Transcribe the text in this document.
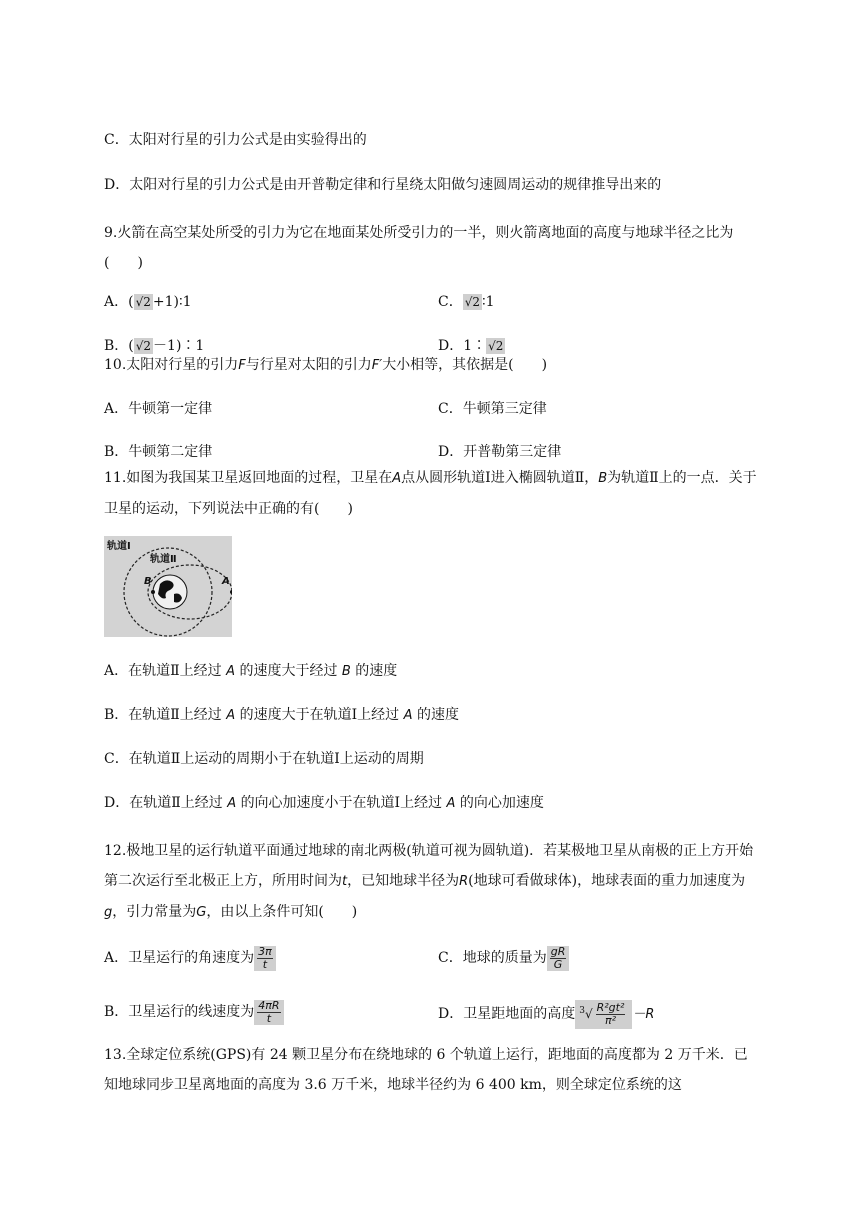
C．太阳对行星的引力公式是由实验得出的
D．太阳对行星的引力公式是由开普勒定律和行星绕太阳做匀速圆周运动的规律推导出来的
9.火箭在高空某处所受的引力为它在地面某处所受引力的一半，则火箭离地面的高度与地球半径之比为(　　)
A．( √2 +1)∶1	C． √2 ∶1
B．( √2 －1)∶1	D．1∶ √2
10.太阳对行星的引力F与行星对太阳的引力F′大小相等，其依据是(　　)
A．牛顿第一定律	C．牛顿第三定律
B．牛顿第二定律	D．开普勒第三定律
11.如图为我国某卫星返回地面的过程，卫星在A点从圆形轨道Ⅰ进入椭圆轨道Ⅱ，B为轨道Ⅱ上的一点．关于卫星的运动，下列说法中正确的有(　　)
轨道Ⅰ
轨道Ⅱ
B	A
A．在轨道Ⅱ上经过 A 的速度大于经过 B 的速度
B．在轨道Ⅱ上经过 A 的速度大于在轨道Ⅰ上经过 A 的速度
C．在轨道Ⅱ上运动的周期小于在轨道Ⅰ上运动的周期
D．在轨道Ⅱ上经过 A 的向心加速度小于在轨道Ⅰ上经过 A 的向心加速度
12.极地卫星的运行轨道平面通过地球的南北两极(轨道可视为圆轨道)．若某极地卫星从南极的正上方开始第二次运行至北极正上方，所用时间为t，已知地球半径为R(地球可看做球体)，地球表面的重力加速度为g，引力常量为G，由以上条件可知(　　)
A．卫星运行的角速度为 $\frac{3\pi}{t}$	C．地球的质量为 $\frac{gR}{G}$
B．卫星运行的线速度为 $\frac{4\pi R}{t}$	D．卫星距地面的高度 $^3√ \frac{\text{R²gt²}}{\text{π²}} -R$
13.全球定位系统(GPS)有 24 颗卫星分布在绕地球的 6 个轨道上运行，距地面的高度都为 2 万千米．已知地球同步卫星离地面的高度为 3.6 万千米，地球半径约为 6 400 km，则全球定位系统的这
